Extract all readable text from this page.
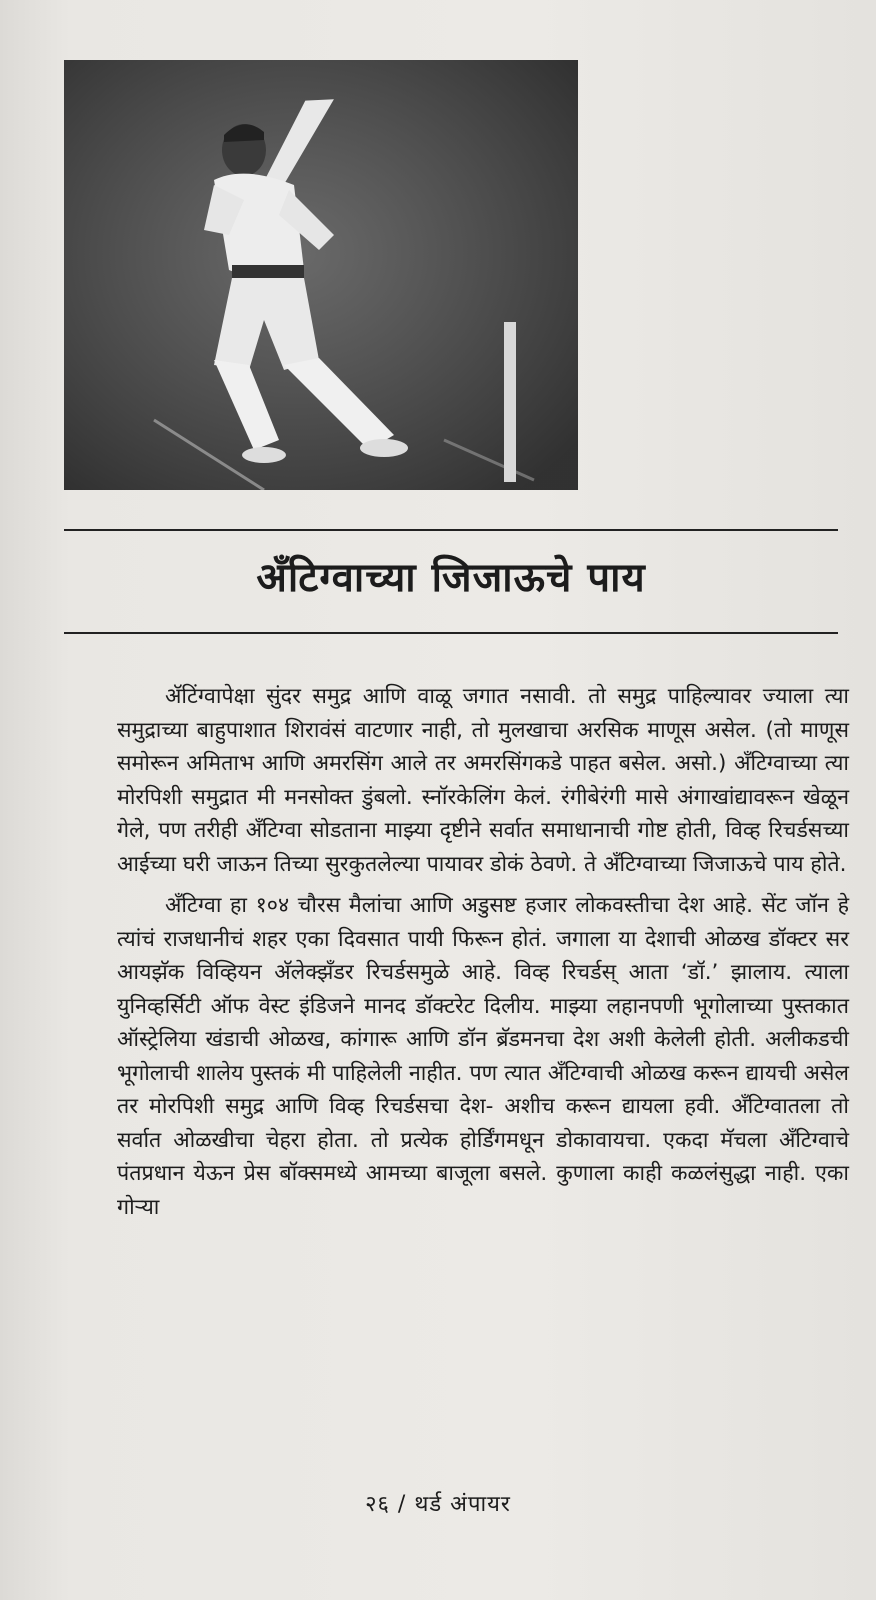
अँटिग्वाच्या जिजाऊचे पाय

ॲटिंग्वापेक्षा सुंदर समुद्र आणि वाळू जगात नसावी. तो समुद्र पाहिल्यावर ज्याला त्या समुद्राच्या बाहुपाशात शिरावंसं वाटणार नाही, तो मुलखाचा अरसिक माणूस असेल. (तो माणूस समोरून अमिताभ आणि अमरसिंग आले तर अमरसिंगकडे पाहत बसेल. असो.) अँटिग्वाच्या त्या मोरपिशी समुद्रात मी मनसोक्त डुंबलो. स्नॉरकेलिंग केलं. रंगीबेरंगी मासे अंगाखांद्यावरून खेळून गेले, पण तरीही अँटिग्वा सोडताना माझ्या दृष्टीने सर्वात समाधानाची गोष्ट होती, विव्ह रिचर्डसच्या आईच्या घरी जाऊन तिच्या सुरकुतलेल्या पायावर डोकं ठेवणे. ते अँटिग्वाच्या जिजाऊचे पाय होते.

अँटिग्वा हा १०४ चौरस मैलांचा आणि अडुसष्ट हजार लोकवस्तीचा देश आहे. सेंट जॉन हे त्यांचं राजधानीचं शहर एका दिवसात पायी फिरून होतं. जगाला या देशाची ओळख डॉक्टर सर आयझॅक विव्हियन अ‍ॅलेक्झँडर रिचर्डसमुळे आहे. विव्ह रिचर्डस् आता ‘डॉ.’ झालाय. त्याला युनिव्हर्सिटी ऑफ वेस्ट इंडिजने मानद डॉक्टरेट दिलीय. माझ्या लहानपणी भूगोलाच्या पुस्तकात ऑस्ट्रेलिया खंडाची ओळख, कांगारू आणि डॉन ब्रॅडमनचा देश अशी केलेली होती. अलीकडची भूगोलाची शालेय पुस्तकं मी पाहिलेली नाहीत. पण त्यात अँटिग्वाची ओळख करून द्यायची असेल तर मोरपिशी समुद्र आणि विव्ह रिचर्डसचा देश- अशीच करून द्यायला हवी. अँटिग्वातला तो सर्वात ओळखीचा चेहरा होता. तो प्रत्येक होर्डिंगमधून डोकावायचा. एकदा मॅचला अँटिग्वाचे पंतप्रधान येऊन प्रेस बॉक्समध्ये आमच्या बाजूला बसले. कुणाला काही कळलंसुद्धा नाही. एका गोऱ्या

२६ / थर्ड अंपायर
